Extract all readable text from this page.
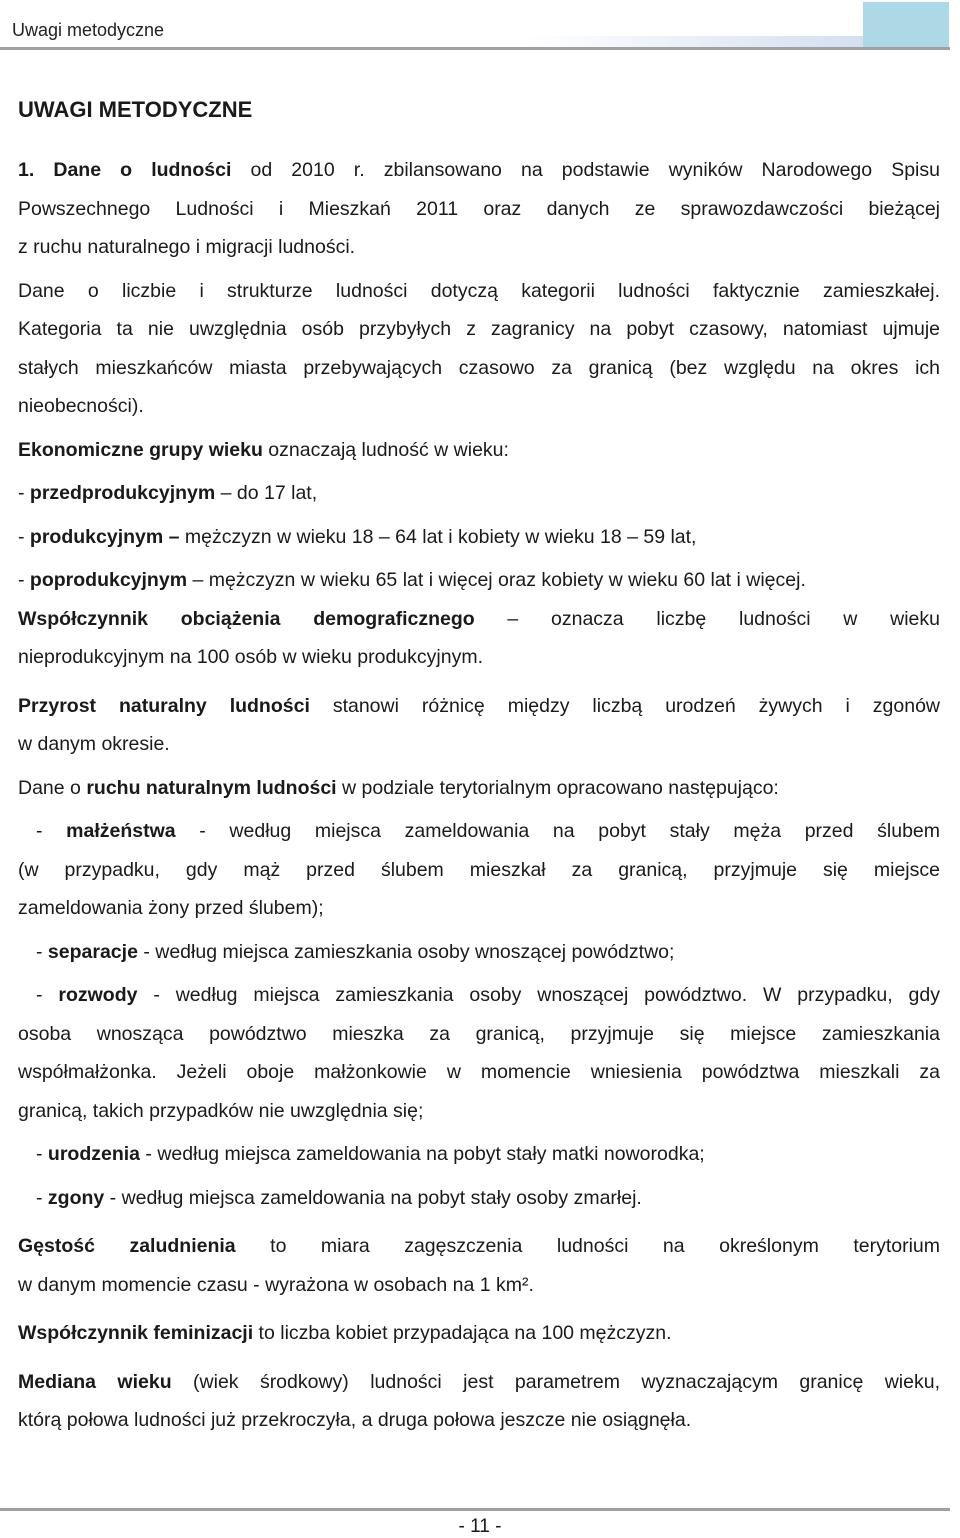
Uwagi metodyczne
UWAGI METODYCZNE

1. Dane o ludności od 2010 r. zbilansowano na podstawie wyników Narodowego Spisu

Powszechnego Ludności i Mieszkań 2011 oraz danych ze sprawozdawczości bieżącej

z ruchu naturalnego i migracji ludności.

Dane o liczbie i strukturze ludności dotyczą kategorii ludności faktycznie zamieszkałej.

Kategoria ta nie uwzględnia osób przybyłych z zagranicy na pobyt czasowy, natomiast ujmuje

stałych mieszkańców miasta przebywających czasowo za granicą (bez względu na okres ich

nieobecności).

Ekonomiczne grupy wieku oznaczają ludność w wieku:

- przedprodukcyjnym – do 17 lat,

- produkcyjnym – mężczyzn w wieku 18 – 64 lat i kobiety w wieku 18 – 59 lat,

- poprodukcyjnym – mężczyzn w wieku 65 lat i więcej oraz kobiety w wieku 60 lat i więcej.

Współczynnik obciążenia demograficznego – oznacza liczbę ludności w wieku

nieprodukcyjnym na 100 osób w wieku produkcyjnym.

Przyrost naturalny ludności stanowi różnicę między liczbą urodzeń żywych i zgonów

w danym okresie.

Dane o ruchu naturalnym ludności w podziale terytorialnym opracowano następująco:

- małżeństwa - według miejsca zameldowania na pobyt stały męża przed ślubem

(w przypadku, gdy mąż przed ślubem mieszkał za granicą, przyjmuje się miejsce

zameldowania żony przed ślubem);

- separacje - według miejsca zamieszkania osoby wnoszącej powództwo;

- rozwody - według miejsca zamieszkania osoby wnoszącej powództwo. W przypadku, gdy

osoba wnosząca powództwo mieszka za granicą, przyjmuje się miejsce zamieszkania

współmałżonka. Jeżeli oboje małżonkowie w momencie wniesienia powództwa mieszkali za

granicą, takich przypadków nie uwzględnia się;

- urodzenia - według miejsca zameldowania na pobyt stały matki noworodka;

- zgony - według miejsca zameldowania na pobyt stały osoby zmarłej.

Gęstość zaludnienia to miara zagęszczenia ludności na określonym terytorium

w danym momencie czasu - wyrażona w osobach na 1 km².

Współczynnik feminizacji to liczba kobiet przypadająca na 100 mężczyzn.

Mediana wieku (wiek środkowy) ludności jest parametrem wyznaczającym granicę wieku,

którą połowa ludności już przekroczyła, a druga połowa jeszcze nie osiągnęła.

- 11 -
